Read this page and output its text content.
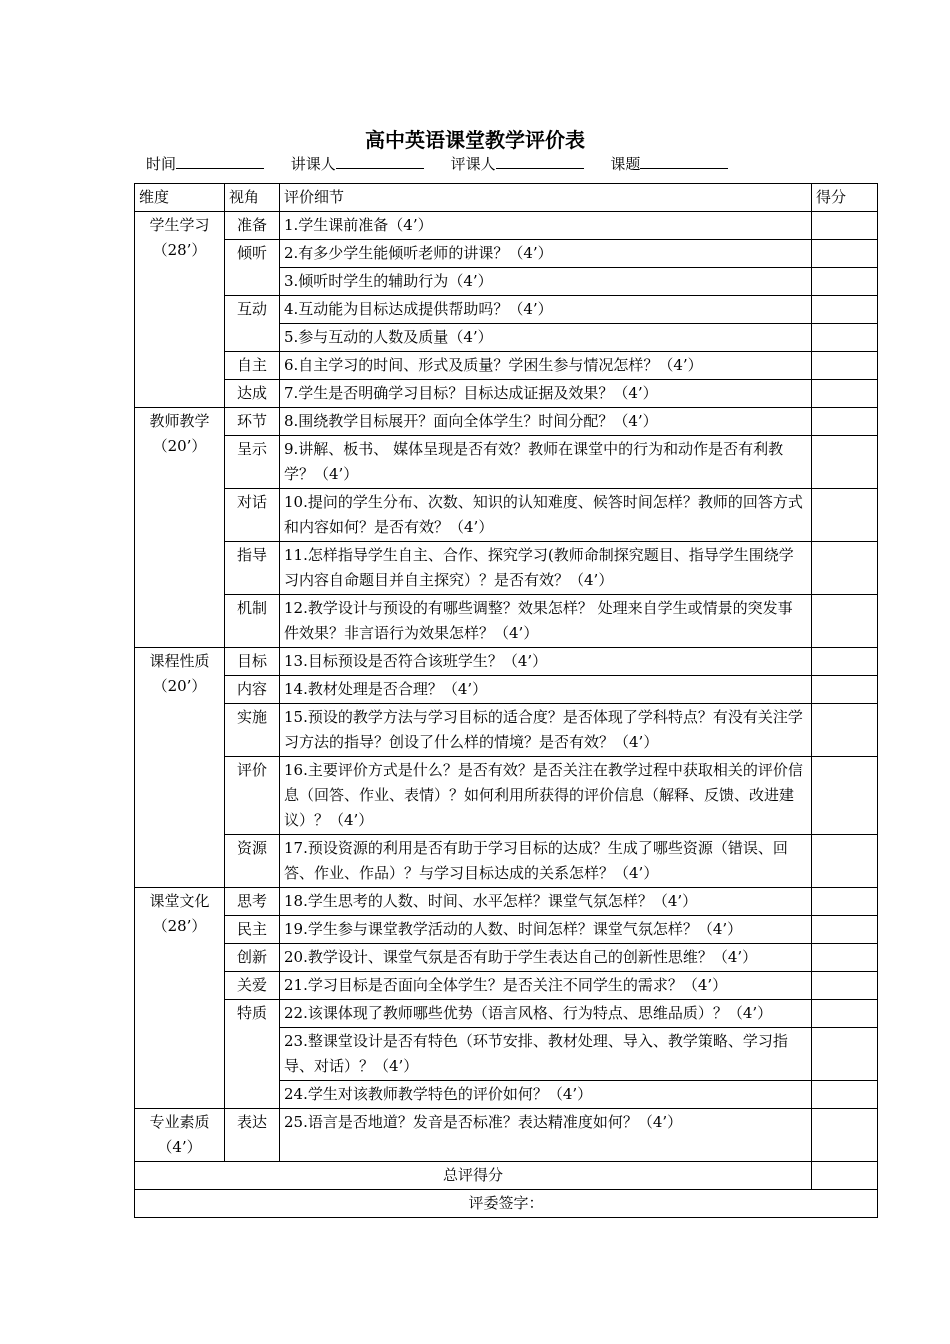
高中英语课堂教学评价表
时间	讲课人	评课人	课题
维度	视角	评价细节	得分
学生学习
（28’）	准备	1.学生课前准备（4’）	
	倾听	2.有多少学生能倾听老师的讲课？（4’）	
		3.倾听时学生的辅助行为（4’）	
	互动	4.互动能为目标达成提供帮助吗？（4’）	
		5.参与互动的人数及质量（4’）	
	自主	6.自主学习的时间、形式及质量？学困生参与情况怎样？（4’）	
	达成	7.学生是否明确学习目标？目标达成证据及效果？（4’）	
教师教学
（20’）	环节	8.围绕教学目标展开？面向全体学生？时间分配？（4’）	
	呈示	9.讲解、板书、 媒体呈现是否有效？教师在课堂中的行为和动作是否有利教学？（4’）	
	对话	10.提问的学生分布、次数、知识的认知难度、候答时间怎样？教师的回答方式和内容如何？是否有效？（4’）	
	指导	11.怎样指导学生自主、合作、探究学习(教师命制探究题目、指导学生围绕学习内容自命题目并自主探究）？是否有效？（4’）	
	机制	12.教学设计与预设的有哪些调整？效果怎样？ 处理来自学生或情景的突发事件效果？非言语行为效果怎样？（4’）	
课程性质
（20’）	目标	13.目标预设是否符合该班学生？（4’）	
	内容	14.教材处理是否合理？（4’）	
	实施	15.预设的教学方法与学习目标的适合度？是否体现了学科特点？有没有关注学习方法的指导？创设了什么样的情境？是否有效？（4’）	
	评价	16.主要评价方式是什么？是否有效？是否关注在教学过程中获取相关的评价信息（回答、作业、表情）？如何利用所获得的评价信息（解释、反馈、改进建议）？（4’）	
	资源	17.预设资源的利用是否有助于学习目标的达成？生成了哪些资源（错误、回答、作业、作品）？与学习目标达成的关系怎样？（4’）	
课堂文化
（28’）	思考	18.学生思考的人数、时间、水平怎样？课堂气氛怎样？（4’）	
	民主	19.学生参与课堂教学活动的人数、时间怎样？课堂气氛怎样？（4’）	
	创新	20.教学设计、课堂气氛是否有助于学生表达自己的创新性思维？（4’）	
	关爱	21.学习目标是否面向全体学生？是否关注不同学生的需求？（4’）	
	特质	22.该课体现了教师哪些优势（语言风格、行为特点、思维品质）？（4’）	
		23.整课堂设计是否有特色（环节安排、教材处理、导入、教学策略、学习指导、对话）？（4’）	
		24.学生对该教师教学特色的评价如何？（4’）	
专业素质
（4’）	表达	25.语言是否地道？发音是否标准？表达精准度如何？（4’）	
总评得分			
评委签字：			
